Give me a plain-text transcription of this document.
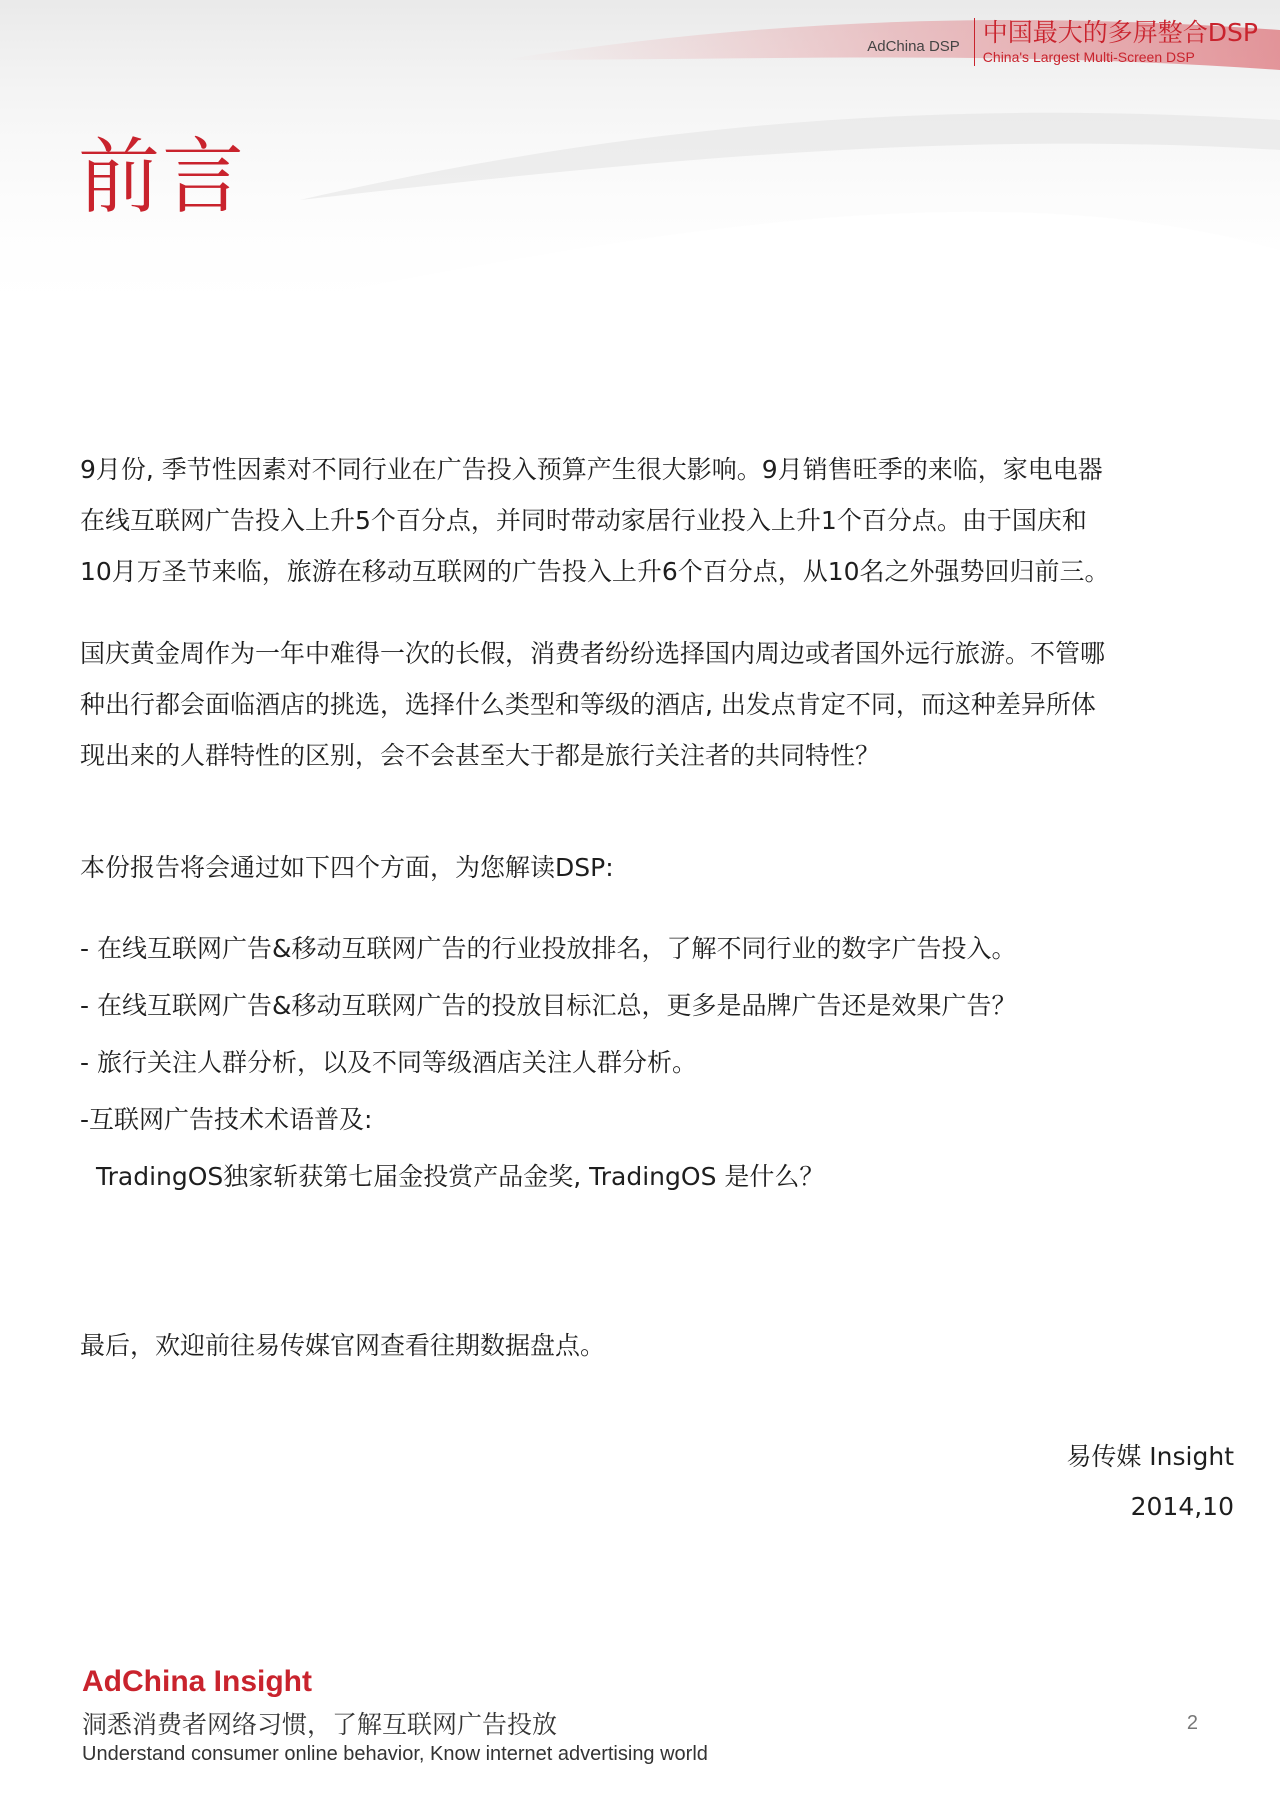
AdChina DSP 中国最大的多屏整合DSP
China's Largest Multi-Screen DSP
前言

9月份, 季节性因素对不同行业在广告投入预算产生很大影响。9月销售旺季的来临，家电电器
在线互联网广告投入上升5个百分点，并同时带动家居行业投入上升1个百分点。由于国庆和
10月万圣节来临，旅游在移动互联网的广告投入上升6个百分点，从10名之外强势回归前三。

国庆黄金周作为一年中难得一次的长假，消费者纷纷选择国内周边或者国外远行旅游。不管哪
种出行都会面临酒店的挑选，选择什么类型和等级的酒店, 出发点肯定不同，而这种差异所体
现出来的人群特性的区别，会不会甚至大于都是旅行关注者的共同特性？

本份报告将会通过如下四个方面，为您解读DSP:

- 在线互联网广告&移动互联网广告的行业投放排名，了解不同行业的数字广告投入。
- 在线互联网广告&移动互联网广告的投放目标汇总，更多是品牌广告还是效果广告？
- 旅行关注人群分析，以及不同等级酒店关注人群分析。
-互联网广告技术术语普及:
TradingOS独家斩获第七届金投赏产品金奖, TradingOS 是什么？

最后，欢迎前往易传媒官网查看往期数据盘点。

易传媒 Insight
2014,10
AdChina Insight
洞悉消费者网络习惯，了解互联网广告投放
Understand consumer online behavior, Know internet advertising world
2
